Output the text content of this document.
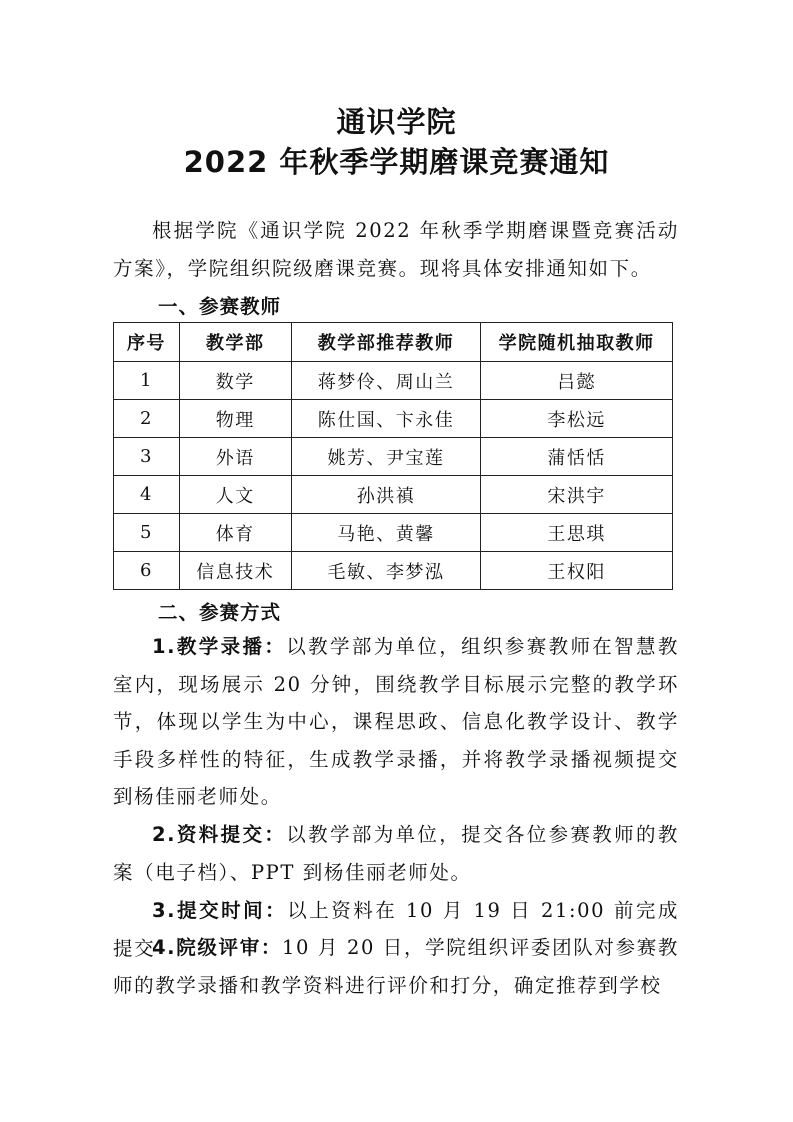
通识学院
2022 年秋季学期磨课竞赛通知
根据学院《通识学院 2022 年秋季学期磨课暨竞赛活动方案》，学院组织院级磨课竞赛。现将具体安排通知如下。
一、参赛教师
序号	教学部	教学部推荐教师	学院随机抽取教师
1	数学	蒋梦伶、周山兰	吕懿
2	物理	陈仕国、卞永佳	李松远
3	外语	姚芳、尹宝莲	蒲恬恬
4	人文	孙洪禛	宋洪宇
5	体育	马艳、黄馨	王思琪
6	信息技术	毛敏、李梦泓	王权阳
二、参赛方式
1.教学录播：以教学部为单位，组织参赛教师在智慧教室内，现场展示 20 分钟，围绕教学目标展示完整的教学环节，体现以学生为中心，课程思政、信息化教学设计、教学手段多样性的特征，生成教学录播，并将教学录播视频提交到杨佳丽老师处。
2.资料提交：以教学部为单位，提交各位参赛教师的教案（电子档）、PPT 到杨佳丽老师处。
3.提交时间：以上资料在 10 月 19 日 21:00 前完成提交
4.院级评审：10 月 20 日，学院组织评委团队对参赛教师的教学录播和教学资料进行评价和打分，确定推荐到学校
